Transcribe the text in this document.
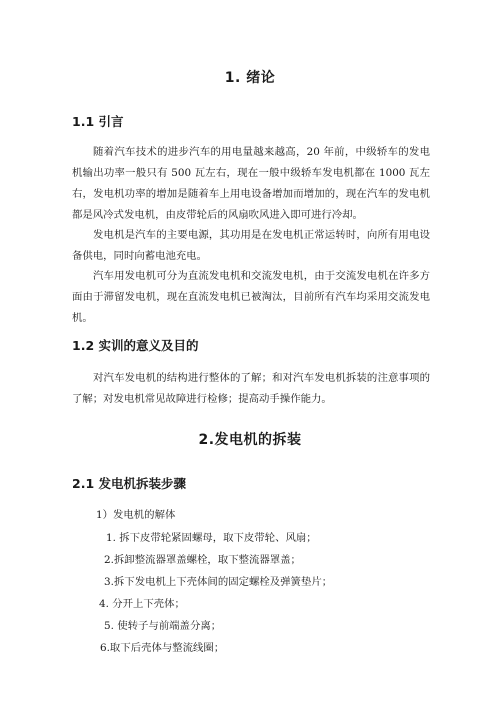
1. 绪论
1.1 引言
随着汽车技术的进步汽车的用电量越来越高，20 年前，中级轿车的发电机输出功率一般只有 500 瓦左右，现在一般中级轿车发电机都在 1000 瓦左右，发电机功率的增加是随着车上用电设备增加而增加的，现在汽车的发电机都是风冷式发电机，由皮带轮后的风扇吹风进入即可进行冷却。
发电机是汽车的主要电源，其功用是在发电机正常运转时，向所有用电设备供电，同时向蓄电池充电。
汽车用发电机可分为直流发电机和交流发电机，由于交流发电机在许多方面由于滞留发电机，现在直流发电机已被淘汰，目前所有汽车均采用交流发电机。
1.2 实训的意义及目的
对汽车发电机的结构进行整体的了解；和对汽车发电机拆装的注意事项的了解；对发电机常见故障进行检修；提高动手操作能力。
2.发电机的拆装
2.1 发电机拆装步骤
1）发电机的解体
1. 拆下皮带轮紧固螺母，取下皮带轮、风扇；
2.拆卸整流器罩盖螺栓，取下整流器罩盖；
3.拆下发电机上下壳体间的固定螺栓及弹簧垫片；
4. 分开上下壳体；
5. 使转子与前端盖分离；
6.取下后壳体与整流线圈；
